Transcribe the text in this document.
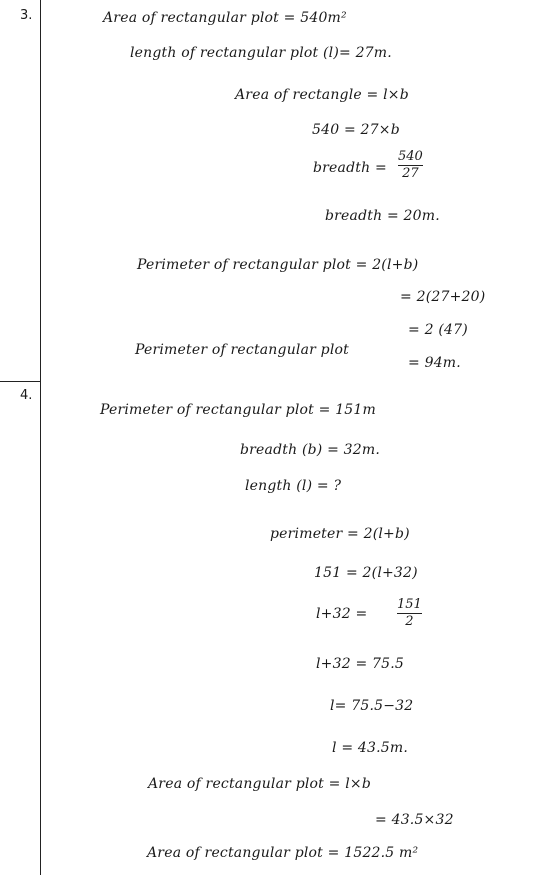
3.	Area of rectangular plot = 540m²
length of rectangular plot (l)= 27m.
Area of rectangle = l×b
540 = 27×b
breadth =
540
27
breadth = 20m.
Perimeter of rectangular plot = 2(l+b)
= 2(27+20)
= 2 (47)
Perimeter of rectangular plot
= 94m.
4.
Perimeter of rectangular plot = 151m
breadth (b) = 32m.
length (l) = ?
perimeter = 2(l+b)
151 = 2(l+32)
l+32 =
151
2
l+32 = 75.5
l= 75.5−32
l = 43.5m.
Area of rectangular plot = l×b
= 43.5×32
Area of rectangular plot = 1522.5 m²
